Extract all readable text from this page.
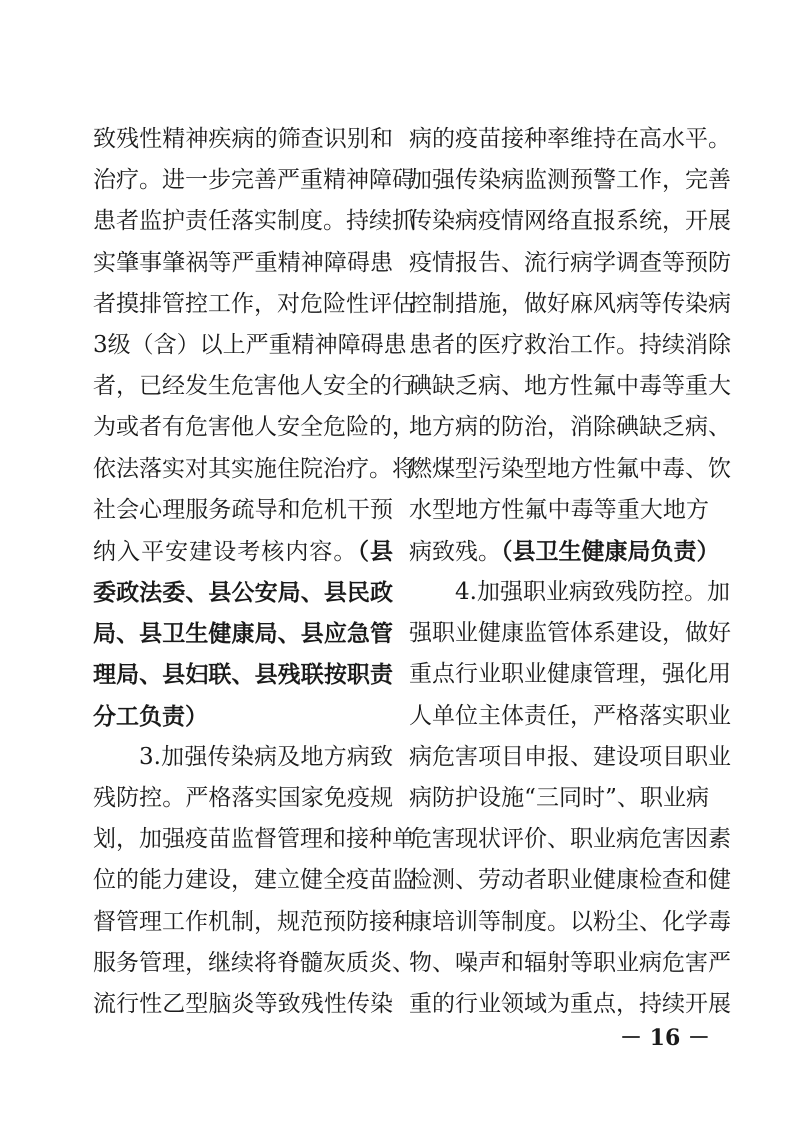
致残性精神疾病的筛查识别和
治疗。进一步完善严重精神障碍
患者监护责任落实制度。持续抓
实肇事肇祸等严重精神障碍患
者摸排管控工作，对危险性评估
3级（含）以上严重精神障碍患
者，已经发生危害他人安全的行
为或者有危害他人安全危险的，
依法落实对其实施住院治疗。将
社会心理服务疏导和危机干预
纳入平安建设考核内容。（县
委政法委、县公安局、县民政
局、县卫生健康局、县应急管
理局、县妇联、县残联按职责
分工负责）
3.加强传染病及地方病致
残防控。严格落实国家免疫规
划，加强疫苗监督管理和接种单
位的能力建设，建立健全疫苗监
督管理工作机制，规范预防接种
服务管理，继续将脊髓灰质炎、
流行性乙型脑炎等致残性传染
病的疫苗接种率维持在高水平。
加强传染病监测预警工作，完善
传染病疫情网络直报系统，开展
疫情报告、流行病学调查等预防
控制措施，做好麻风病等传染病
患者的医疗救治工作。持续消除
碘缺乏病、地方性氟中毒等重大
地方病的防治，消除碘缺乏病、
燃煤型污染型地方性氟中毒、饮
水型地方性氟中毒等重大地方
病致残。（县卫生健康局负责）
4.加强职业病致残防控。加
强职业健康监管体系建设，做好
重点行业职业健康管理，强化用
人单位主体责任，严格落实职业
病危害项目申报、建设项目职业
病防护设施“三同时”、职业病
危害现状评价、职业病危害因素
检测、劳动者职业健康检查和健
康培训等制度。以粉尘、化学毒
物、噪声和辐射等职业病危害严
重的行业领域为重点，持续开展
－ 16 －
